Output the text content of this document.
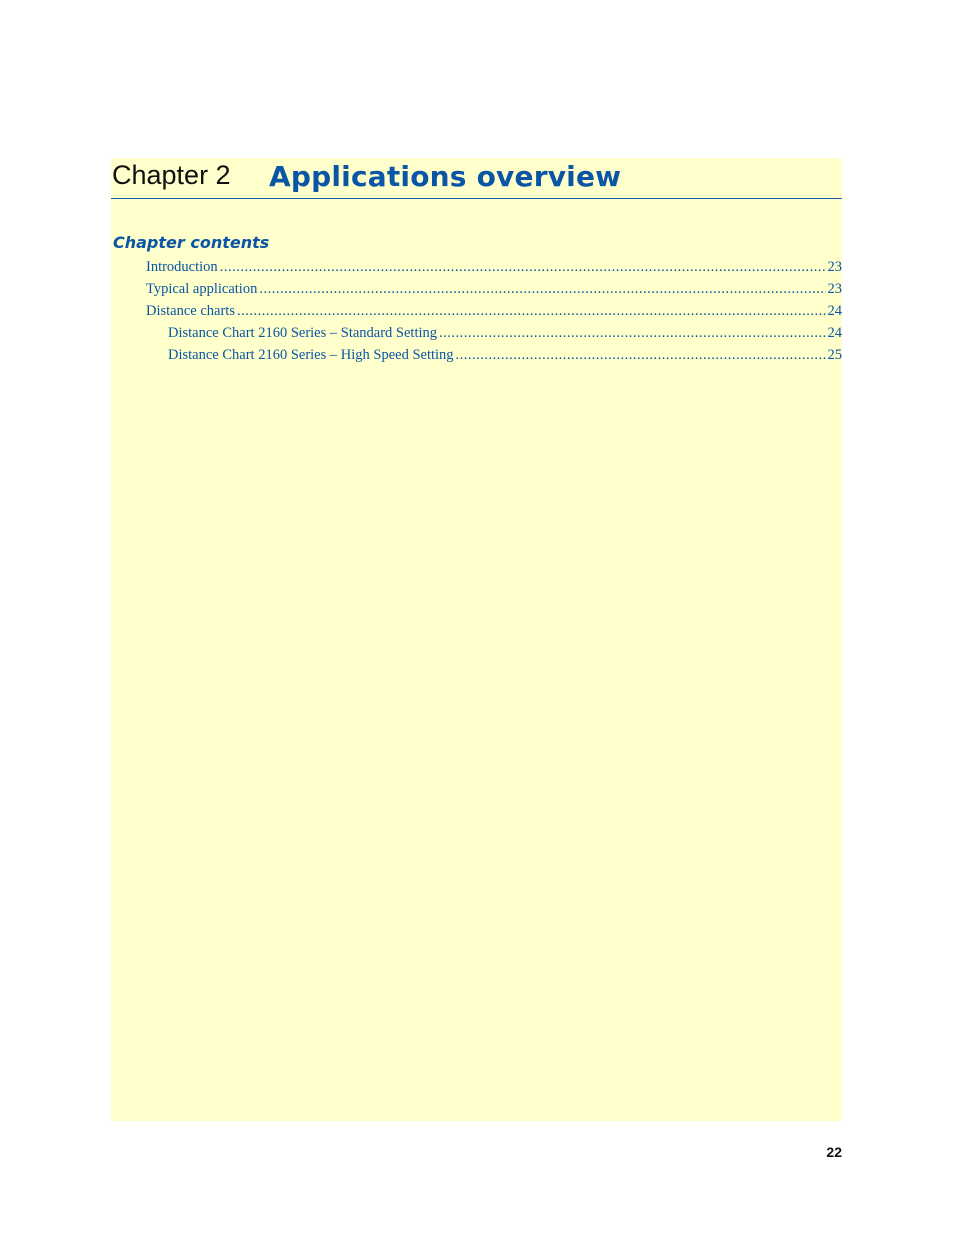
Chapter 2 Applications overview
Chapter contents
Introduction .....	23
Typical application .....	23
Distance charts .....	24
Distance Chart 2160 Series – Standard Setting .....	24
Distance Chart 2160 Series – High Speed Setting .....	25
22
